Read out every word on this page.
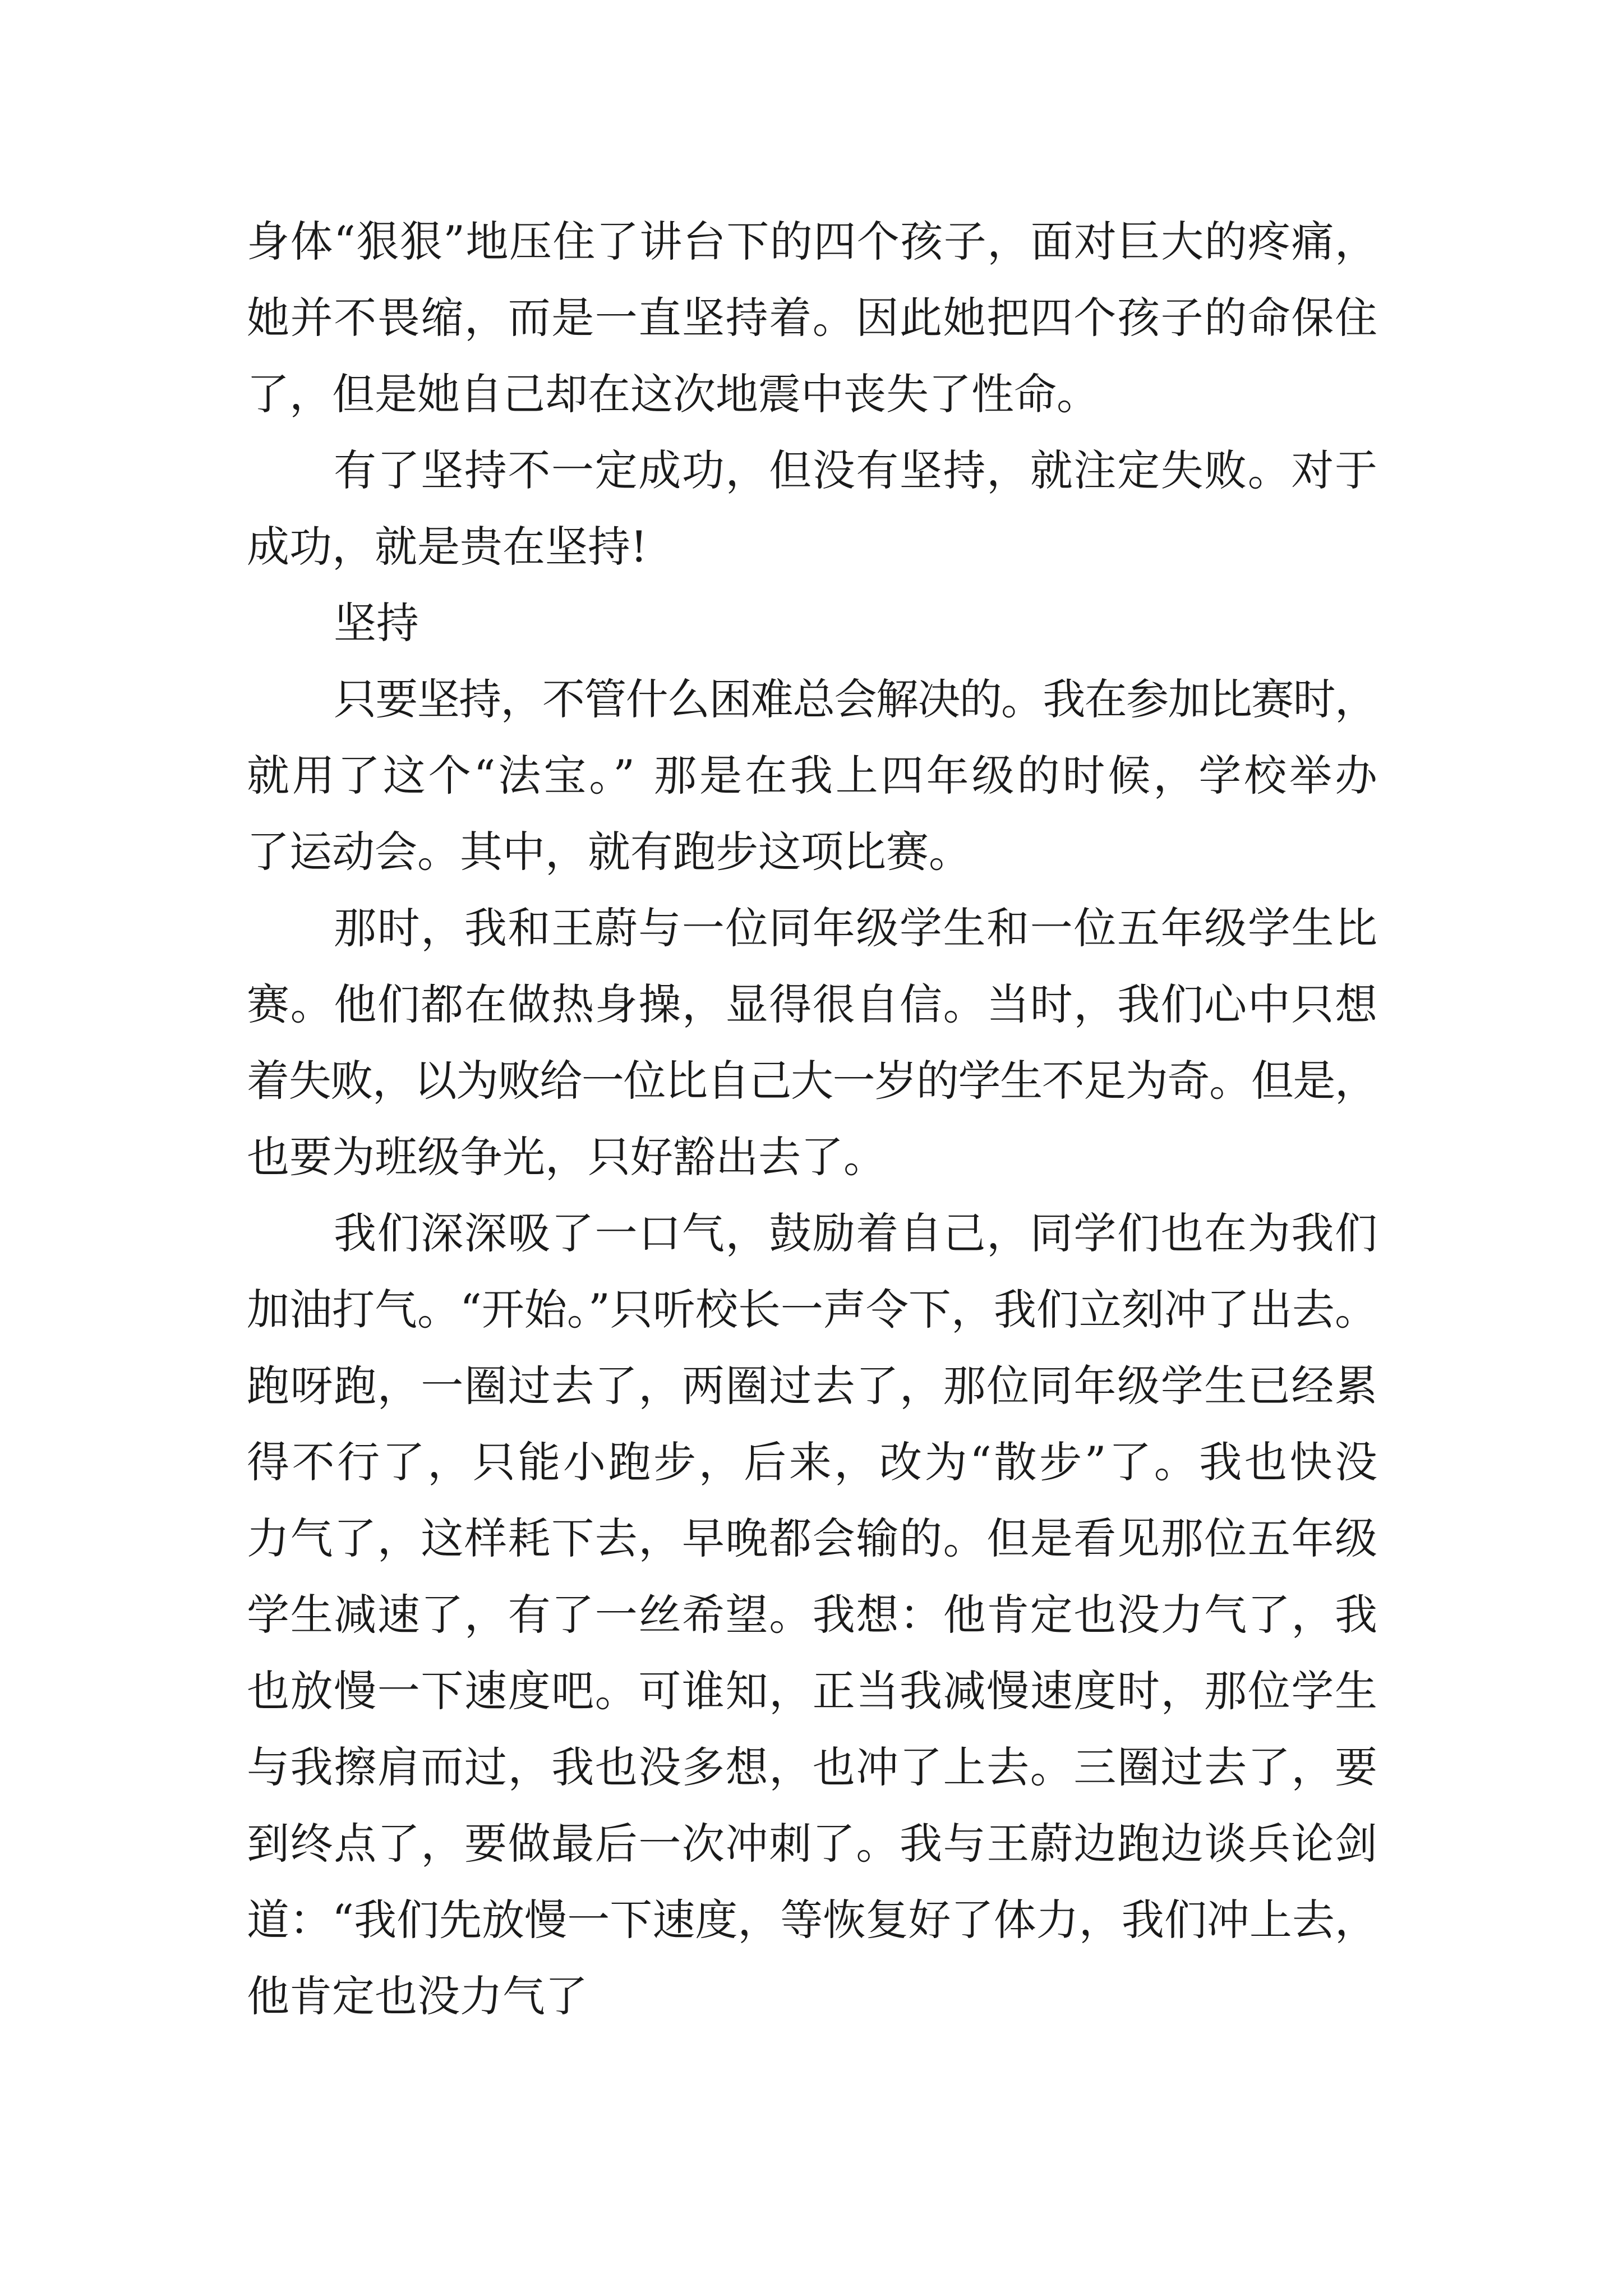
身体“狠狠”地压住了讲台下的四个孩子，面对巨大的疼痛，

她并不畏缩，而是一直坚持着。因此她把四个孩子的命保住

了，但是她自己却在这次地震中丧失了性命。

有了坚持不一定成功，但没有坚持，就注定失败。对于

成功，就是贵在坚持!

坚持

只要坚持，不管什么困难总会解决的。我在参加比赛时，

就用了这个“法宝。” 那是在我上四年级的时候，学校举办

了运动会。其中，就有跑步这项比赛。

那时，我和王蔚与一位同年级学生和一位五年级学生比

赛。他们都在做热身操，显得很自信。当时，我们心中只想

着失败，以为败给一位比自己大一岁的学生不足为奇。但是，

也要为班级争光，只好豁出去了。

我们深深吸了一口气，鼓励着自己，同学们也在为我们

加油打气。“开始。”只听校长一声令下，我们立刻冲了出去。

跑呀跑，一圈过去了，两圈过去了，那位同年级学生已经累

得不行了，只能小跑步，后来，改为“散步”了。我也快没

力气了，这样耗下去，早晚都会输的。但是看见那位五年级

学生减速了，有了一丝希望。我想：他肯定也没力气了，我

也放慢一下速度吧。可谁知，正当我减慢速度时，那位学生

与我擦肩而过，我也没多想，也冲了上去。三圈过去了，要

到终点了，要做最后一次冲刺了。我与王蔚边跑边谈兵论剑

道：“我们先放慢一下速度，等恢复好了体力，我们冲上去，

他肯定也没力气了
